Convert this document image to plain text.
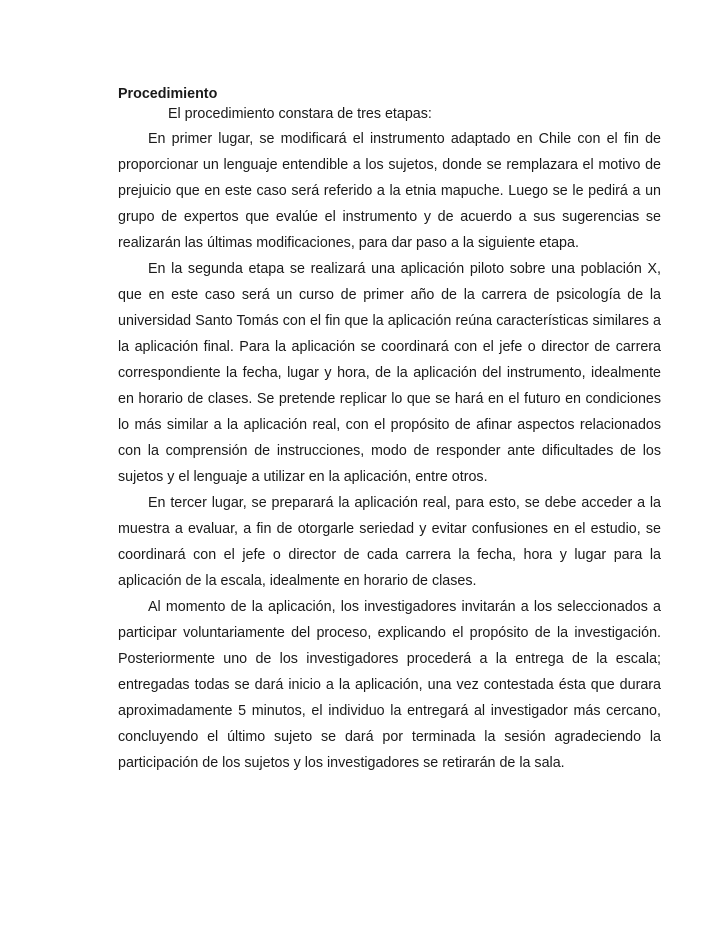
Procedimiento

El procedimiento constara de tres etapas:

En primer lugar, se modificará el instrumento adaptado en Chile con el fin de proporcionar un lenguaje entendible a los sujetos, donde se remplazara el motivo de prejuicio que en este caso será referido a la etnia mapuche. Luego se le pedirá a un grupo de expertos que evalúe el instrumento y de acuerdo a sus sugerencias se realizarán las últimas modificaciones, para dar paso a la siguiente etapa.

En la segunda etapa se realizará una aplicación piloto sobre una población X, que en este caso será un curso de primer año de la carrera de psicología de la universidad Santo Tomás con el fin que la aplicación reúna características similares a la aplicación final. Para la aplicación se coordinará con el jefe o director de carrera correspondiente la fecha, lugar y hora, de la aplicación del instrumento, idealmente en horario de clases. Se pretende replicar lo que se hará en el futuro en condiciones lo más similar a la aplicación real, con el propósito de afinar aspectos relacionados con la comprensión de instrucciones, modo de responder ante dificultades de los sujetos y el lenguaje a utilizar en la aplicación, entre otros.

En tercer lugar, se preparará la aplicación real, para esto, se debe acceder a la muestra a evaluar, a fin de otorgarle seriedad y evitar confusiones en el estudio, se coordinará con el jefe o director de cada carrera la fecha, hora y lugar para la aplicación de la escala, idealmente en horario de clases.

Al momento de la aplicación, los investigadores invitarán a los seleccionados a participar voluntariamente del proceso, explicando el propósito de la investigación. Posteriormente uno de los investigadores procederá a la entrega de la escala; entregadas todas se dará inicio a la aplicación, una vez contestada ésta que durara aproximadamente 5 minutos, el individuo la entregará al investigador más cercano, concluyendo el último sujeto se dará por terminada la sesión agradeciendo la participación de los sujetos y los investigadores se retirarán de la sala.
